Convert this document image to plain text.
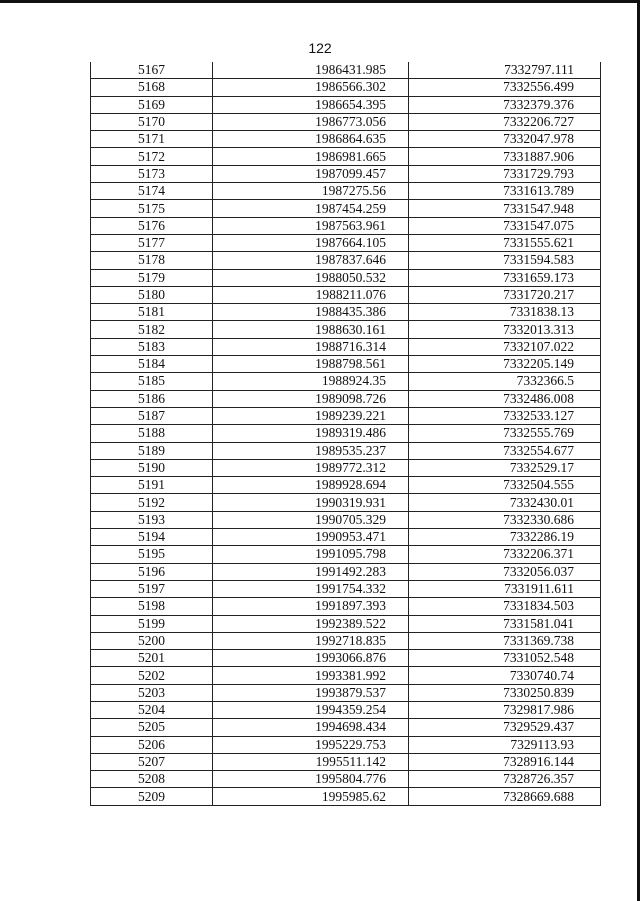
122
5167	1986431.985	7332797.111
5168	1986566.302	7332556.499
5169	1986654.395	7332379.376
5170	1986773.056	7332206.727
5171	1986864.635	7332047.978
5172	1986981.665	7331887.906
5173	1987099.457	7331729.793
5174	1987275.56	7331613.789
5175	1987454.259	7331547.948
5176	1987563.961	7331547.075
5177	1987664.105	7331555.621
5178	1987837.646	7331594.583
5179	1988050.532	7331659.173
5180	1988211.076	7331720.217
5181	1988435.386	7331838.13
5182	1988630.161	7332013.313
5183	1988716.314	7332107.022
5184	1988798.561	7332205.149
5185	1988924.35	7332366.5
5186	1989098.726	7332486.008
5187	1989239.221	7332533.127
5188	1989319.486	7332555.769
5189	1989535.237	7332554.677
5190	1989772.312	7332529.17
5191	1989928.694	7332504.555
5192	1990319.931	7332430.01
5193	1990705.329	7332330.686
5194	1990953.471	7332286.19
5195	1991095.798	7332206.371
5196	1991492.283	7332056.037
5197	1991754.332	7331911.611
5198	1991897.393	7331834.503
5199	1992389.522	7331581.041
5200	1992718.835	7331369.738
5201	1993066.876	7331052.548
5202	1993381.992	7330740.74
5203	1993879.537	7330250.839
5204	1994359.254	7329817.986
5205	1994698.434	7329529.437
5206	1995229.753	7329113.93
5207	1995511.142	7328916.144
5208	1995804.776	7328726.357
5209	1995985.62	7328669.688
